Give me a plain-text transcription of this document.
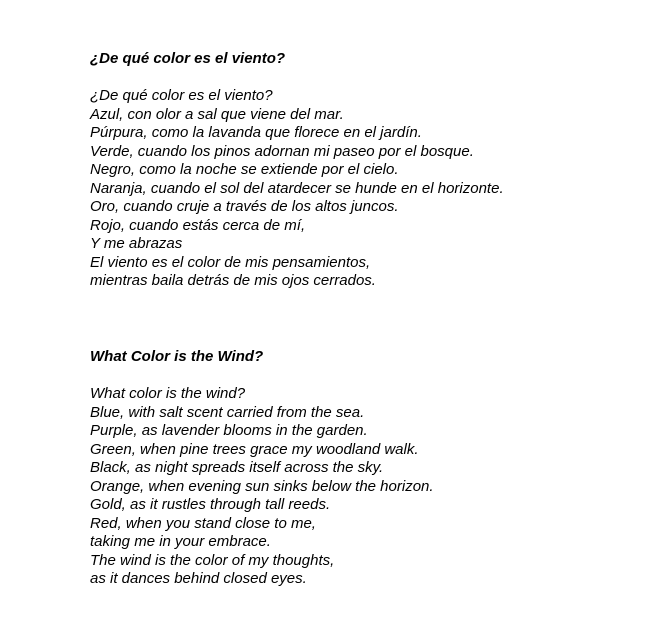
¿De qué color es el viento?
¿De qué color es el viento?
Azul, con olor a sal que viene del mar.
Púrpura, como la lavanda que florece en el jardín.
Verde, cuando los pinos adornan mi paseo por el bosque.
Negro, como la noche se extiende por el cielo.
Naranja, cuando el sol del atardecer se hunde en el horizonte.
Oro, cuando cruje a través de los altos juncos.
Rojo, cuando estás cerca de mí,
Y me abrazas
El viento es el color de mis pensamientos,
mientras baila detrás de mis ojos cerrados.
What Color is the Wind?
What color is the wind?
Blue, with salt scent carried from the sea.
Purple, as lavender blooms in the garden.
Green, when pine trees grace my woodland walk.
Black, as night spreads itself across the sky.
Orange, when evening sun sinks below the horizon.
Gold, as it rustles through tall reeds.
Red, when you stand close to me,
taking me in your embrace.
The wind is the color of my thoughts,
as it dances behind closed eyes.
